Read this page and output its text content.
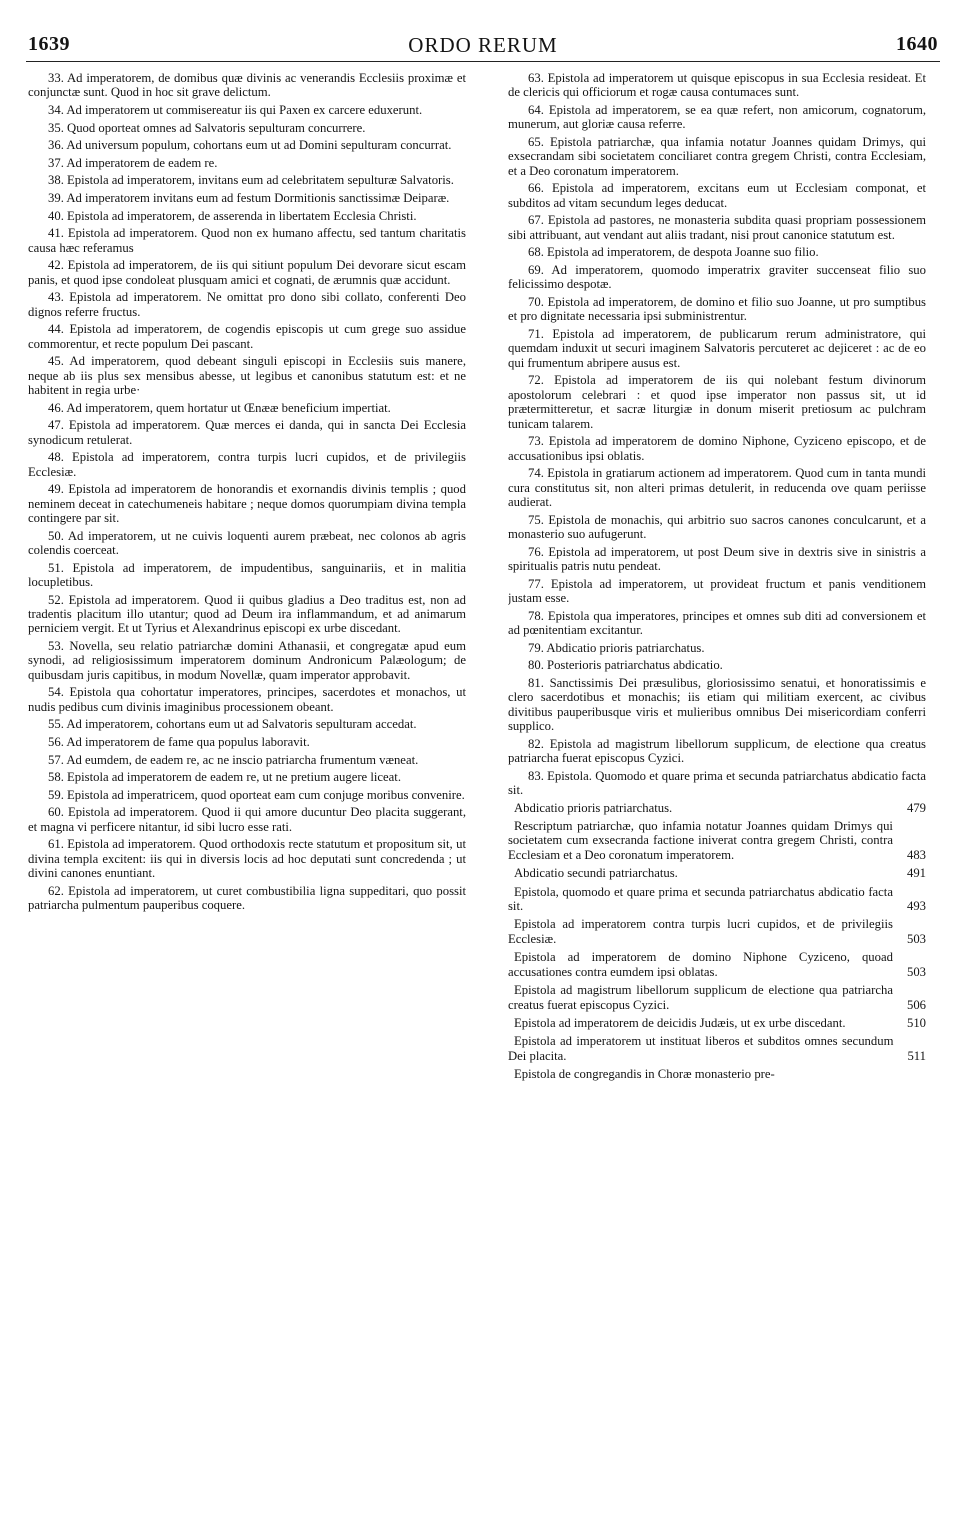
1639	ORDO RERUM	1640

33. Ad imperatorem, de domibus quæ divinis ac venerandis Ecclesiis proximæ et conjunctæ sunt. Quod in hoc sit grave delictum.

34. Ad imperatorem ut commisereatur iis qui Paxen ex carcere eduxerunt.

35. Quod oporteat omnes ad Salvatoris sepulturam concurrere.

36. Ad universum populum, cohortans eum ut ad Domini sepulturam concurrat.

37. Ad imperatorem de eadem re.

38. Epistola ad imperatorem, invitans eum ad celebritatem sepulturæ Salvatoris.

39. Ad imperatorem invitans eum ad festum Dormitionis sanctissimæ Deiparæ.

40. Epistola ad imperatorem, de asserenda in libertatem Ecclesia Christi.

41. Epistola ad imperatorem. Quod non ex humano affectu, sed tantum charitatis causa hæc referamus

42. Epistola ad imperatorem, de iis qui sitiunt populum Dei devorare sicut escam panis, et quod ipse condoleat plusquam amici et cognati, de ærumnis quæ accidunt.

43. Epistola ad imperatorem. Ne omittat pro dono sibi collato, conferenti Deo dignos referre fructus.

44. Epistola ad imperatorem, de cogendis episcopis ut cum grege suo assidue commorentur, et recte populum Dei pascant.

45. Ad imperatorem, quod debeant singuli episcopi in Ecclesiis suis manere, neque ab iis plus sex mensibus abesse, ut legibus et canonibus statutum est: et ne habitent in regia urbe·

46. Ad imperatorem, quem hortatur ut Œnææ beneficium impertiat.

47. Epistola ad imperatorem. Quæ merces ei danda, qui in sancta Dei Ecclesia synodicum retulerat.

48. Epistola ad imperatorem, contra turpis lucri cupidos, et de privilegiis Ecclesiæ.

49. Epistola ad imperatorem de honorandis et exornandis divinis templis ; quod neminem deceat in catechumeneis habitare ; neque domos quorumpiam divina templa contingere par sit.

50. Ad imperatorem, ut ne cuivis loquenti aurem præbeat, nec colonos ab agris colendis coerceat.

51. Epistola ad imperatorem, de impudentibus, sanguinariis, et in malitia locupletibus.

52. Epistola ad imperatorem. Quod ii quibus gladius a Deo traditus est, non ad tradentis placitum illo utantur; quod ad Deum ira inflammandum, et ad animarum perniciem vergit. Et ut Tyrius et Alexandrinus episcopi ex urbe discedant.

53. Novella, seu relatio patriarchæ domini Athanasii, et congregatæ apud eum synodi, ad religiosissimum imperatorem dominum Andronicum Palæologum; de quibusdam juris capitibus, in modum Novellæ, quam imperator approbavit.

54. Epistola qua cohortatur imperatores, principes, sacerdotes et monachos, ut nudis pedibus cum divinis imaginibus processionem obeant.

55. Ad imperatorem, cohortans eum ut ad Salvatoris sepulturam accedat.

56. Ad imperatorem de fame qua populus laboravit.

57. Ad eumdem, de eadem re, ac ne inscio patriarcha frumentum væneat.

58. Epistola ad imperatorem de eadem re, ut ne pretium augere liceat.

59. Epistola ad imperatricem, quod oporteat eam cum conjuge moribus convenire.

60. Epistola ad imperatorem. Quod ii qui amore ducuntur Deo placita suggerant, et magna vi perficere nitantur, id sibi lucro esse rati.

61. Epistola ad imperatorem. Quod orthodoxis recte statutum et propositum sit, ut divina templa excitent: iis qui in diversis locis ad hoc deputati sunt concredenda ; ut divini canones enuntiant.

62. Epistola ad imperatorem, ut curet combustibilia ligna suppeditari, quo possit patriarcha pulmentum pauperibus coquere.

63. Epistola ad imperatorem ut quisque episcopus in sua Ecclesia resideat. Et de clericis qui officiorum et rogæ causa contumaces sunt.

64. Epistola ad imperatorem, se ea quæ refert, non amicorum, cognatorum, munerum, aut gloriæ causa referre.

65. Epistola patriarchæ, qua infamia notatur Joannes quidam Drimys, qui exsecrandam sibi societatem conciliaret contra gregem Christi, contra Ecclesiam, et a Deo coronatum imperatorem.

66. Epistola ad imperatorem, excitans eum ut Ecclesiam componat, et subditos ad vitam secundum leges deducat.

67. Epistola ad pastores, ne monasteria subdita quasi propriam possessionem sibi attribuant, aut vendant aut aliis tradant, nisi prout canonice statutum est.

68. Epistola ad imperatorem, de despota Joanne suo filio.

69. Ad imperatorem, quomodo imperatrix graviter succenseat filio suo felicissimo despotæ.

70. Epistola ad imperatorem, de domino et filio suo Joanne, ut pro sumptibus et pro dignitate necessaria ipsi subministrentur.

71. Epistola ad imperatorem, de publicarum rerum administratore, qui quemdam induxit ut securi imaginem Salvatoris percuteret ac dejiceret : ac de eo qui frumentum abripere ausus est.

72. Epistola ad imperatorem de iis qui nolebant festum divinorum apostolorum celebrari : et quod ipse imperator non passus sit, ut id prætermitteretur, et sacræ liturgiæ in donum miserit pretiosum ac pulchram tunicam talarem.

73. Epistola ad imperatorem de domino Niphone, Cyziceno episcopo, et de accusationibus ipsi oblatis.

74. Epistola in gratiarum actionem ad imperatorem. Quod cum in tanta mundi cura constitutus sit, non alteri primas detulerit, in reducenda ove quam periisse audierat.

75. Epistola de monachis, qui arbitrio suo sacros canones conculcarunt, et a monasterio suo aufugerunt.

76. Epistola ad imperatorem, ut post Deum sive in dextris sive in sinistris a spiritualis patris nutu pendeat.

77. Epistola ad imperatorem, ut provideat fructum et panis venditionem justam esse.

78. Epistola qua imperatores, principes et omnes sub diti ad conversionem et ad pœnitentiam excitantur.

79. Abdicatio prioris patriarchatus.

80. Posterioris patriarchatus abdicatio.

81. Sanctissimis Dei præsulibus, gloriosissimo senatui, et honoratissimis e clero sacerdotibus et monachis; iis etiam qui militiam exercent, ac civibus divitibus pauperibusque viris et mulieribus omnibus Dei misericordiam conferri supplico.

82. Epistola ad magistrum libellorum supplicum, de electione qua creatus patriarcha fuerat episcopus Cyzici.

83. Epistola. Quomodo et quare prima et secunda patriarchatus abdicatio facta sit.

Abdicatio prioris patriarchatus.	479
Rescriptum patriarchæ, quo infamia notatur Joannes quidam Drimys qui societatem cum exsecranda factione iniverat contra gregem Christi, contra Ecclesiam et a Deo coronatum imperatorem.	483
Abdicatio secundi patriarchatus.	491
Epistola, quomodo et quare prima et secunda patriarchatus abdicatio facta sit.	493
Epistola ad imperatorem contra turpis lucri cupidos, et de privilegiis Ecclesiæ.	503
Epistola ad imperatorem de domino Niphone Cyziceno, quoad accusationes contra eumdem ipsi oblatas.	503
Epistola ad magistrum libellorum supplicum de electione qua patriarcha creatus fuerat episcopus Cyzici.	506
Epistola ad imperatorem de deicidis Judæis, ut ex urbe discedant.	510
Epistola ad imperatorem ut instituat liberos et subditos omnes secundum Dei placita.	511
Epistola de congregandis in Choræ monasterio pre-
